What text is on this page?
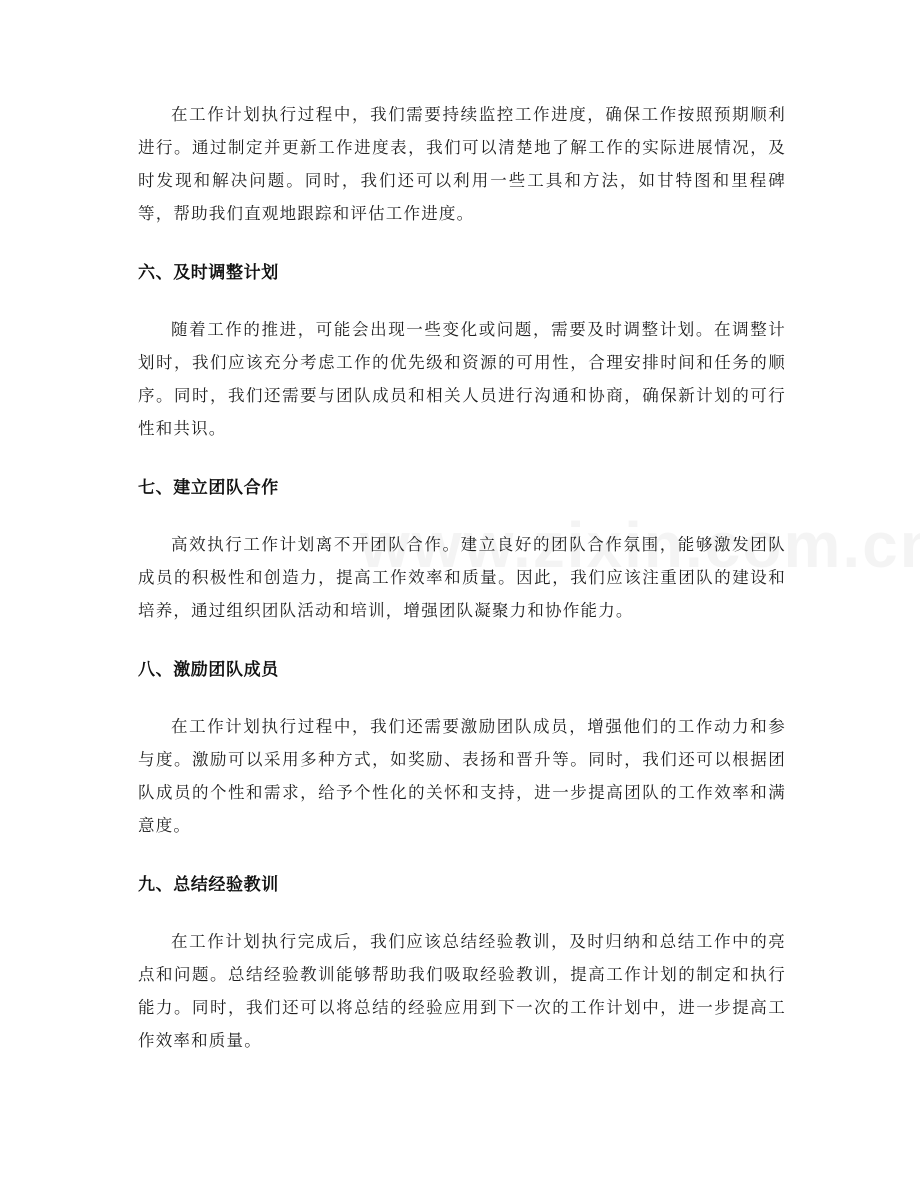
在工作计划执行过程中，我们需要持续监控工作进度，确保工作按照预期顺利进行。通过制定并更新工作进度表，我们可以清楚地了解工作的实际进展情况，及时发现和解决问题。同时，我们还可以利用一些工具和方法，如甘特图和里程碑等，帮助我们直观地跟踪和评估工作进度。

六、及时调整计划

随着工作的推进，可能会出现一些变化或问题，需要及时调整计划。在调整计划时，我们应该充分考虑工作的优先级和资源的可用性，合理安排时间和任务的顺序。同时，我们还需要与团队成员和相关人员进行沟通和协商，确保新计划的可行性和共识。

七、建立团队合作

高效执行工作计划离不开团队合作。建立良好的团队合作氛围，能够激发团队成员的积极性和创造力，提高工作效率和质量。因此，我们应该注重团队的建设和培养，通过组织团队活动和培训，增强团队凝聚力和协作能力。

八、激励团队成员

在工作计划执行过程中，我们还需要激励团队成员，增强他们的工作动力和参与度。激励可以采用多种方式，如奖励、表扬和晋升等。同时，我们还可以根据团队成员的个性和需求，给予个性化的关怀和支持，进一步提高团队的工作效率和满意度。

九、总结经验教训

在工作计划执行完成后，我们应该总结经验教训，及时归纳和总结工作中的亮点和问题。总结经验教训能够帮助我们吸取经验教训，提高工作计划的制定和执行能力。同时，我们还可以将总结的经验应用到下一次的工作计划中，进一步提高工作效率和质量。
